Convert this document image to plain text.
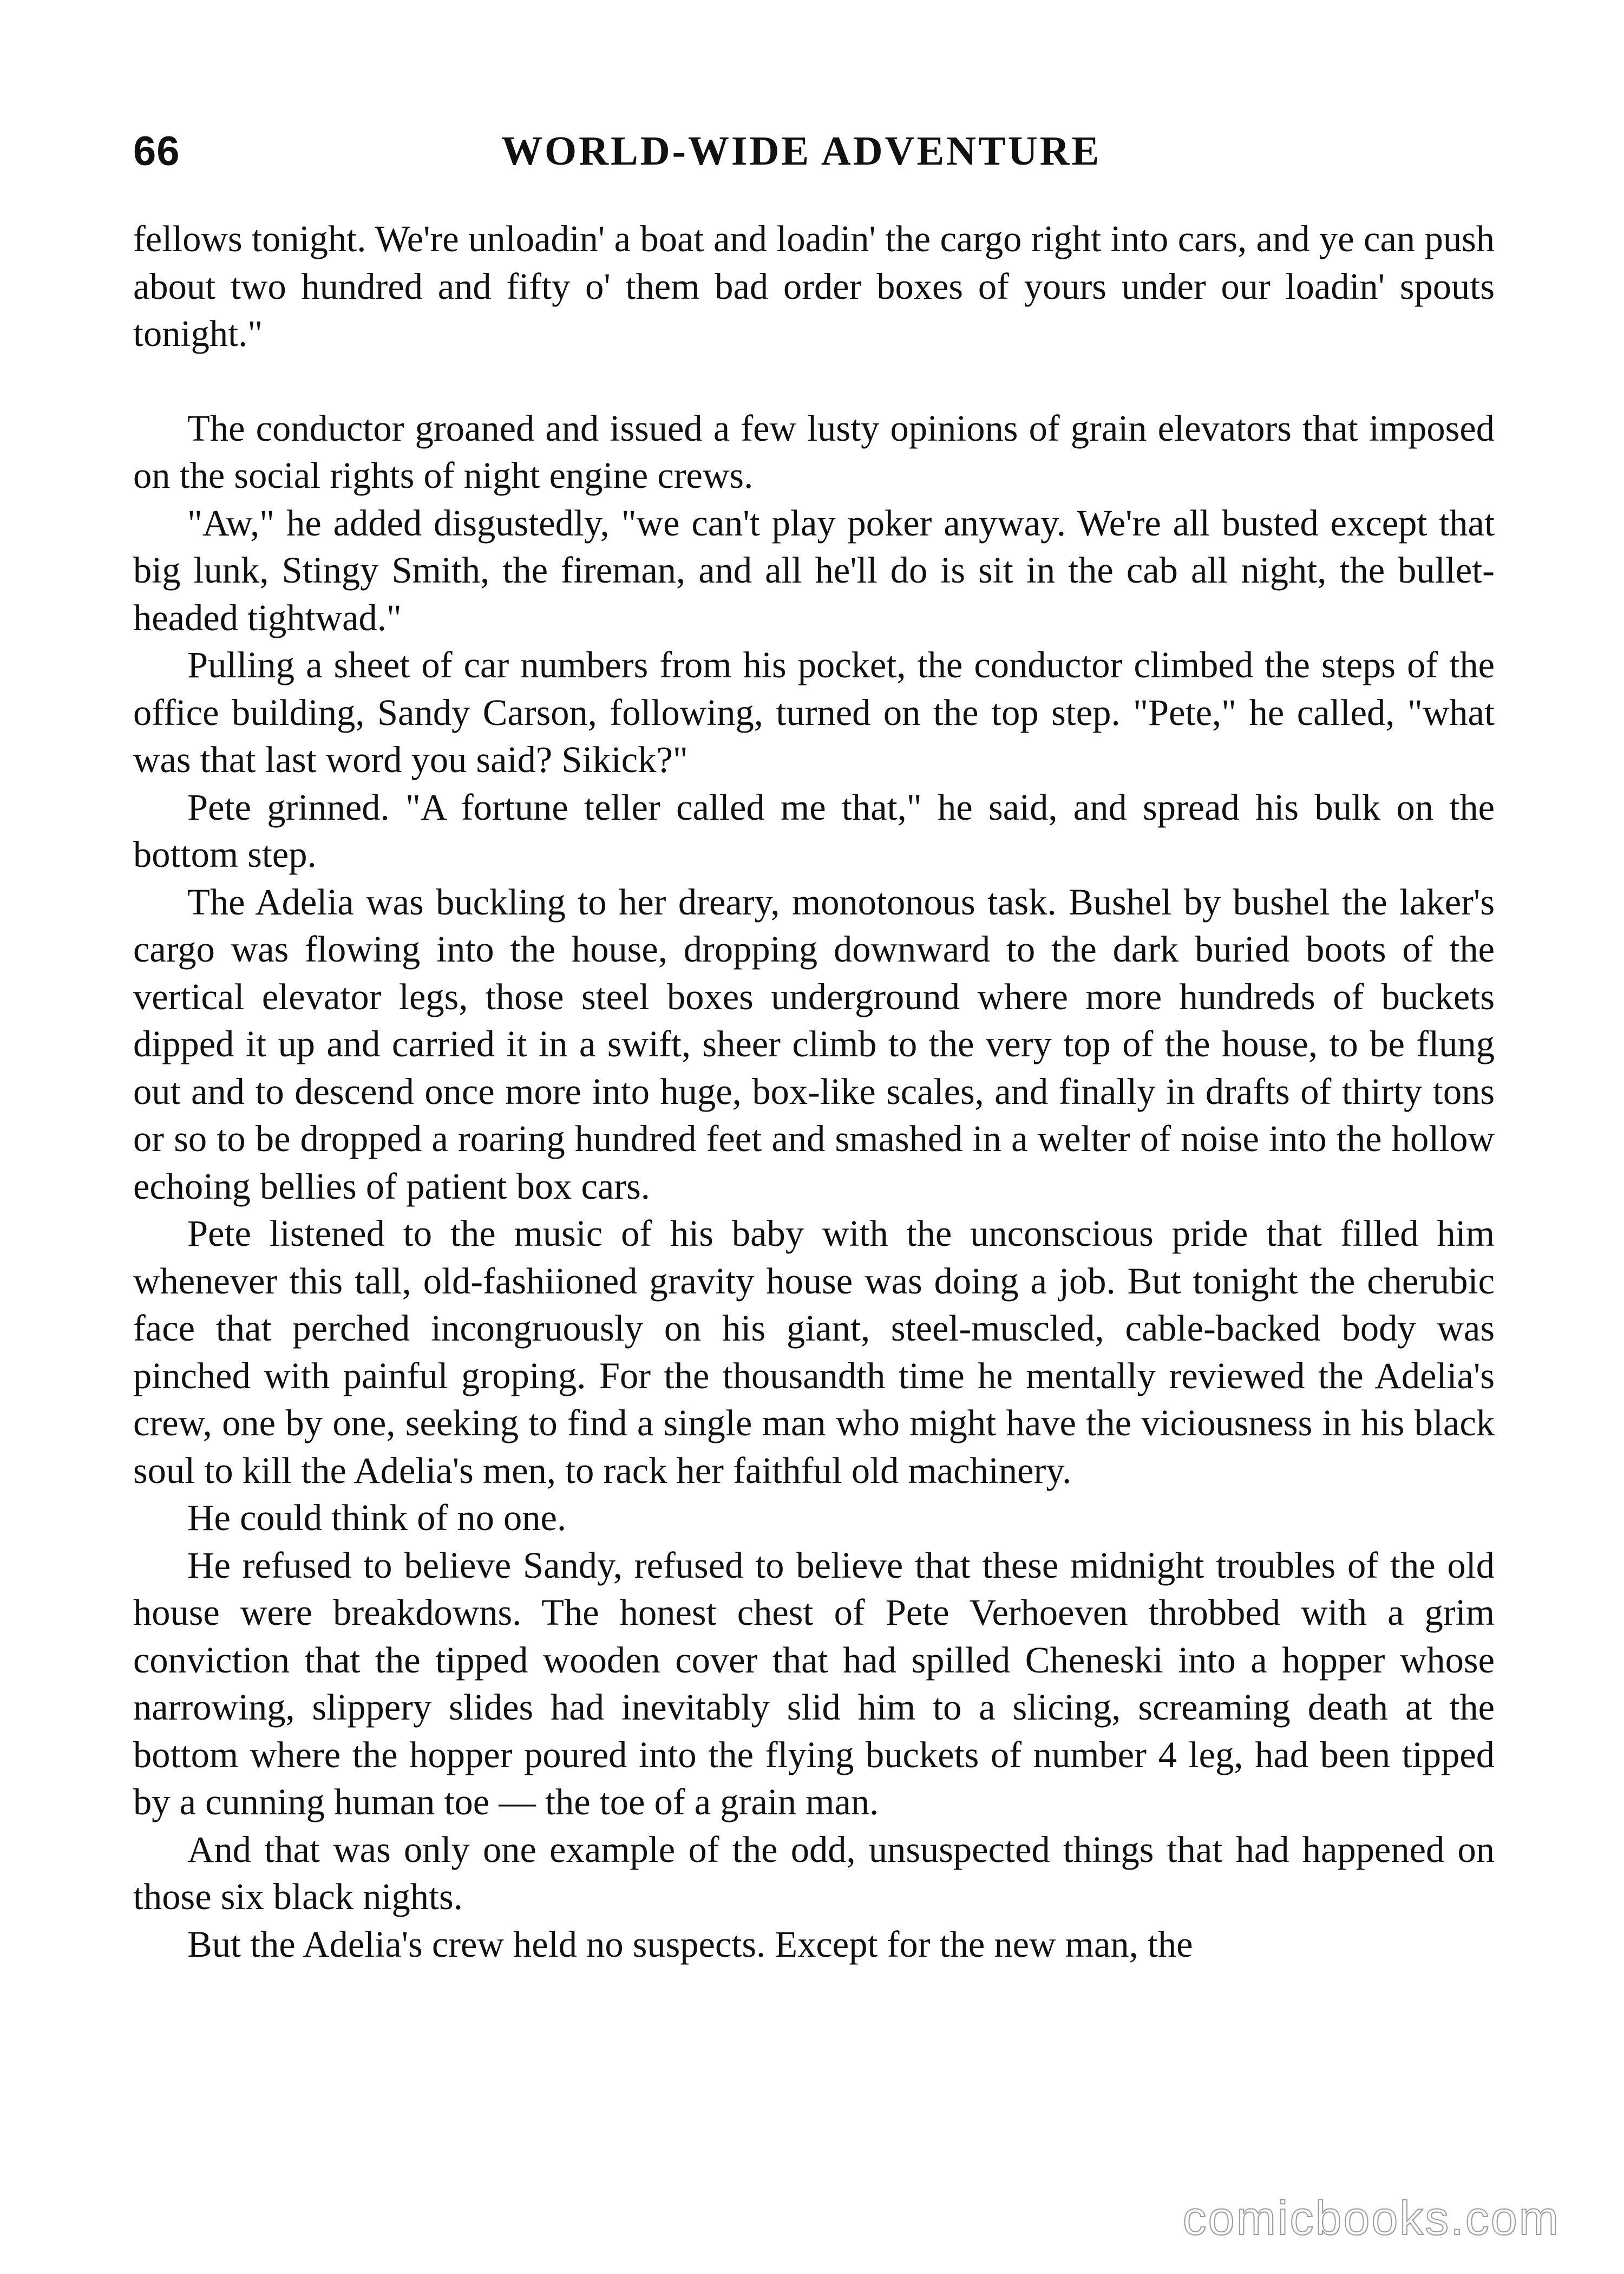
66	WORLD-WIDE ADVENTURE

fellows tonight. We're unloadin' a boat and loadin' the cargo right into cars, and ye can push about two hundred and fifty o' them bad order boxes of yours under our loadin' spouts tonight."

The conductor groaned and issued a few lusty opinions of grain elevators that imposed on the social rights of night engine crews.

"Aw," he added disgustedly, "we can't play poker anyway. We're all busted except that big lunk, Stingy Smith, the fireman, and all he'll do is sit in the cab all night, the bullet-headed tightwad."

Pulling a sheet of car numbers from his pocket, the conductor climbed the steps of the office building, Sandy Carson, following, turned on the top step. "Pete," he called, "what was that last word you said? Sikick?"

Pete grinned. "A fortune teller called me that," he said, and spread his bulk on the bottom step.

The Adelia was buckling to her dreary, monotonous task. Bushel by bushel the laker's cargo was flowing into the house, dropping downward to the dark buried boots of the vertical elevator legs, those steel boxes underground where more hundreds of buckets dipped it up and carried it in a swift, sheer climb to the very top of the house, to be flung out and to descend once more into huge, box-like scales, and finally in drafts of thirty tons or so to be dropped a roaring hundred feet and smashed in a welter of noise into the hollow echoing bellies of patient box cars.

Pete listened to the music of his baby with the unconscious pride that filled him whenever this tall, old-fashiioned gravity house was doing a job. But tonight the cherubic face that perched incongruously on his giant, steel-muscled, cable-backed body was pinched with painful groping. For the thousandth time he mentally reviewed the Adelia's crew, one by one, seeking to find a single man who might have the viciousness in his black soul to kill the Adelia's men, to rack her faithful old machinery.

He could think of no one.

He refused to believe Sandy, refused to believe that these midnight troubles of the old house were breakdowns. The honest chest of Pete Verhoeven throbbed with a grim conviction that the tipped wooden cover that had spilled Cheneski into a hopper whose narrowing, slippery slides had inevitably slid him to a slicing, screaming death at the bottom where the hopper poured into the flying buckets of number 4 leg, had been tipped by a cunning human toe — the toe of a grain man.

And that was only one example of the odd, unsuspected things that had happened on those six black nights.

But the Adelia's crew held no suspects. Except for the new man, the

comicbooks.com
